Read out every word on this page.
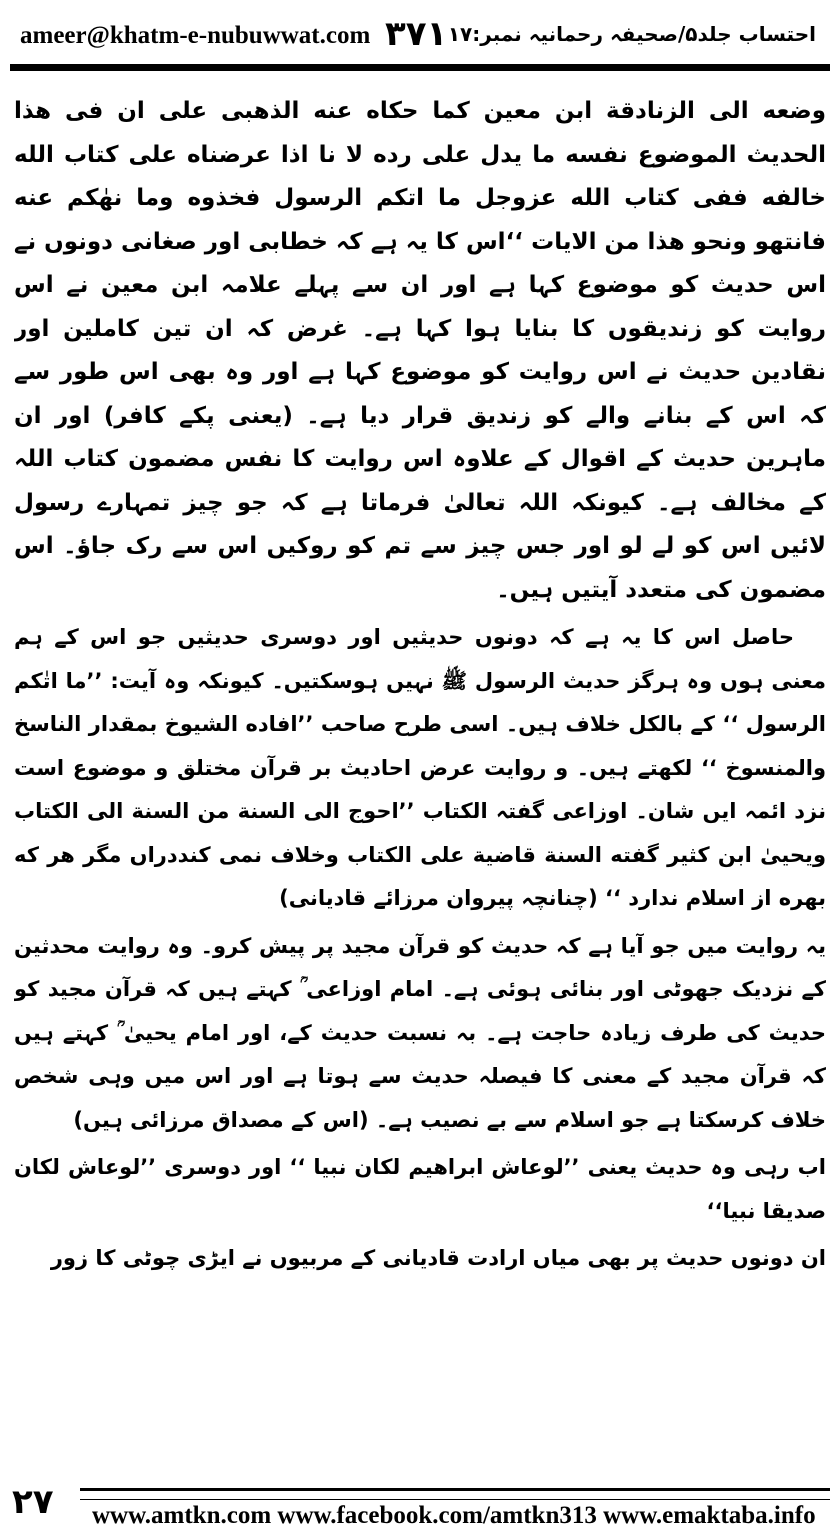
ameer@khatm-e-nubuwwat.com ۳۷۱ احتساب جلد۵/صحیفہ رحمانیہ نمبر:۱۷

وضعه الی الزنادقة ابن معین کما حکاه عنه الذهبی علی ان فی هذا الحدیث الموضوع نفسه ما یدل علی رده لا نا اذا عرضناه علی کتاب الله خالفه ففی کتاب الله عزوجل ما اتکم الرسول فخذوه وما نهٰکم عنه فانتهو ونحو هذا من الایات ‘‘اس کا یہ ہے کہ خطابی اور صغانی دونوں نے اس حدیث کو موضوع کہا ہے اور ان سے پہلے علامہ ابن معین نے اس روایت کو زندیقوں کا بنایا ہوا کہا ہے۔ غرض کہ ان تین کاملین اور نقادین حدیث نے اس روایت کو موضوع کہا ہے اور وہ بھی اس طور سے کہ اس کے بنانے والے کو زندیق قرار دیا ہے۔ (یعنی پکے کافر) اور ان ماہرین حدیث کے اقوال کے علاوہ اس روایت کا نفس مضمون کتاب اللہ کے مخالف ہے۔ کیونکہ اللہ تعالیٰ فرماتا ہے کہ جو چیز تمہارے رسول لائیں اس کو لے لو اور جس چیز سے تم کو روکیں اس سے رک جاؤ۔ اس مضمون کی متعدد آیتیں ہیں۔

حاصل اس کا یہ ہے کہ دونوں حدیثیں اور دوسری حدیثیں جو اس کے ہم معنی ہوں وہ ہرگز حدیث الرسول ﷺ نہیں ہوسکتیں۔ کیونکہ وہ آیت: ’’ما اتٰکم الرسول ‘‘ کے بالکل خلاف ہیں۔ اسی طرح صاحب ’’افاده الشیوخ بمقدار الناسخ والمنسوخ ‘‘ لکھتے ہیں۔ و روایت عرض احادیث بر قرآن مختلق و موضوع است نزد ائمہ ایں شان۔ اوزاعی گفتہ الکتاب ’’احوج الی السنة من السنة الی الکتاب ویحییٰ ابن کثیر گفته السنة قاضیة علی الکتاب وخلاف نمی کنددراں مگر هر که بهره از اسلام ندارد ‘‘ (چنانچہ پیروان مرزائے قادیانی)

یہ روایت میں جو آیا ہے کہ حدیث کو قرآن مجید پر پیش کرو۔ وہ روایت محدثین کے نزدیک جھوٹی اور بنائی ہوئی ہے۔ امام اوزاعی ؒ کہتے ہیں کہ قرآن مجید کو حدیث کی طرف زیادہ حاجت ہے۔ بہ نسبت حدیث کے، اور امام یحییٰ ؒ کہتے ہیں کہ قرآن مجید کے معنی کا فیصلہ حدیث سے ہوتا ہے اور اس میں وہی شخص خلاف کرسکتا ہے جو اسلام سے بے نصیب ہے۔ (اس کے مصداق مرزائی ہیں)

اب رہی وہ حدیث یعنی ’’لوعاش ابراهیم لکان نبیا ‘‘ اور دوسری ’’لوعاش لکان صدیقا نبیا‘‘

ان دونوں حدیث پر بھی میاں ارادت قادیانی کے مربیوں نے ایڑی چوٹی کا زور

۲۷ www.amtkn.com www.facebook.com/amtkn313 www.emaktaba.info
